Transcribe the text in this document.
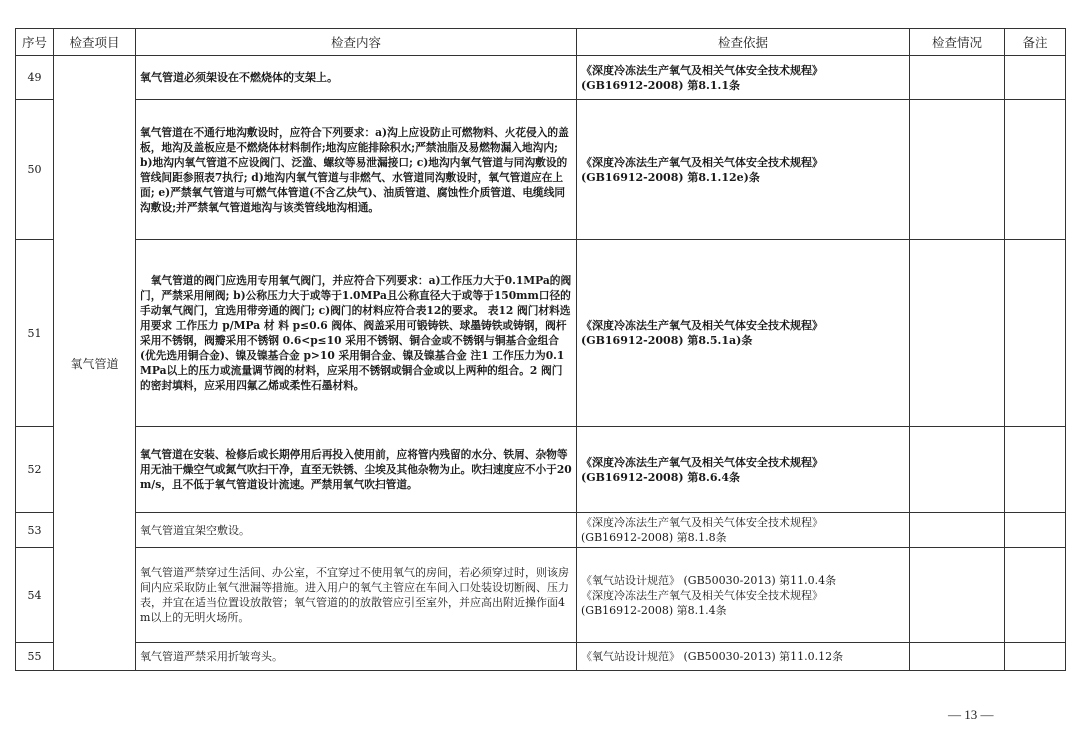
序号	检查项目	检查内容	检查依据	检查情况	备注
49	氧气管道	氧气管道必须架设在不燃烧体的支架上。	《深度冷冻法生产氧气及相关气体安全技术规程》
(GB16912-2008) 第8.1.1条		

50		氧气管道在不通行地沟敷设时，应符合下列要求：a)沟上应设防止可燃物料、火花侵入的盖板，地沟及盖板应是不燃烧体材料制作;地沟应能排除积水;严禁油脂及易燃物漏入地沟内; b)地沟内氧气管道不应设阀门、泛滥、螺纹等易泄漏接口; c)地沟内氧气管道与同沟敷设的管线间距参照表7执行; d)地沟内氧气管道与非燃气、水管道同沟敷设时，氧气管道应在上面; e)严禁氧气管道与可燃气体管道(不含乙炔气)、油质管道、腐蚀性介质管道、电缆线同沟敷设;并严禁氧气管道地沟与该类管线地沟相通。	《深度冷冻法生产氧气及相关气体安全技术规程》
(GB16912-2008) 第8.1.12e)条		

51		　氧气管道的阀门应选用专用氧气阀门，并应符合下列要求：a)工作压力大于0.1MPa的阀门，严禁采用闸阀; b)公称压力大于或等于1.0MPa且公称直径大于或等于150mm口径的手动氧气阀门，宜选用带旁通的阀门; c)阀门的材料应符合表12的要求。 表12 阀门材料选用要求 工作压力 p/MPa 材 料 p≤0.6 阀体、阀盖采用可锻铸铁、球墨铸铁或铸钢，阀杆采用不锈钢，阀瓣采用不锈钢 0.6<p≤10 采用不锈钢、铜合金或不锈钢与铜基合金组合(优先选用铜合金)、镍及镍基合金 p>10 采用铜合金、镍及镍基合金 注1 工作压力为0.1MPa以上的压力或流量调节阀的材料，应采用不锈钢或铜合金或以上两种的组合。2 阀门的密封填料，应采用四氟乙烯或柔性石墨材料。	《深度冷冻法生产氧气及相关气体安全技术规程》
(GB16912-2008) 第8.5.1a)条		

52		氧气管道在安装、检修后或长期停用后再投入使用前，应将管内残留的水分、铁屑、杂物等用无油干燥空气或氮气吹扫干净，直至无铁锈、尘埃及其他杂物为止。吹扫速度应不小于20m/s，且不低于氧气管道设计流速。严禁用氧气吹扫管道。	《深度冷冻法生产氧气及相关气体安全技术规程》
(GB16912-2008) 第8.6.4条		

53		氧气管道宜架空敷设。	《深度冷冻法生产氧气及相关气体安全技术规程》
(GB16912-2008) 第8.1.8条		

54		氧气管道严禁穿过生活间、办公室，不宜穿过不使用氧气的房间，若必须穿过时，则该房间内应采取防止氧气泄漏等措施。进入用户的氧气主管应在车间入口处装设切断阀、压力表，并宜在适当位置设放散管；氧气管道的的放散管应引至室外，并应高出附近操作面4m以上的无明火场所。	《氧气站设计规范》 (GB50030-2013) 第11.0.4条
《深度冷冻法生产氧气及相关气体安全技术规程》
(GB16912-2008) 第8.1.4条		

55		氧气管道严禁采用折皱弯头。	《氧气站设计规范》 (GB50030-2013) 第11.0.12条		

— 13 —
